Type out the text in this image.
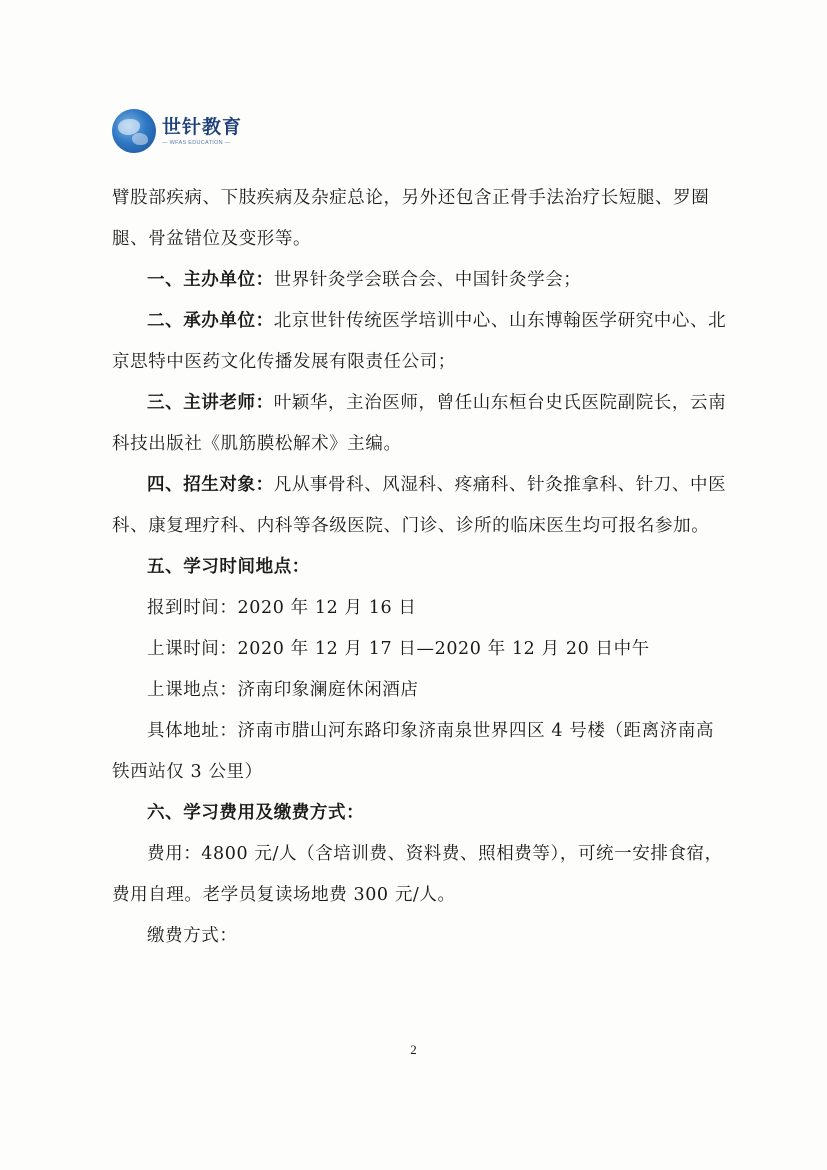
世针教育
— WFAS EDUCATION —

臂股部疾病、下肢疾病及杂症总论，另外还包含正骨手法治疗长短腿、罗圈腿、骨盆错位及变形等。

一、主办单位：世界针灸学会联合会、中国针灸学会；

二、承办单位：北京世针传统医学培训中心、山东博翰医学研究中心、北京思特中医药文化传播发展有限责任公司；

三、主讲老师：叶颖华，主治医师，曾任山东桓台史氏医院副院长，云南科技出版社《肌筋膜松解术》主编。

四、招生对象：凡从事骨科、风湿科、疼痛科、针灸推拿科、针刀、中医科、康复理疗科、内科等各级医院、门诊、诊所的临床医生均可报名参加。

五、学习时间地点：

报到时间：2020 年 12 月 16 日

上课时间：2020 年 12 月 17 日—2020 年 12 月 20 日中午

上课地点：济南印象澜庭休闲酒店

具体地址：济南市腊山河东路印象济南泉世界四区 4 号楼（距离济南高铁西站仅 3 公里）

六、学习费用及缴费方式：

费用：4800 元/人（含培训费、资料费、照相费等），可统一安排食宿，费用自理。老学员复读场地费 300 元/人。

缴费方式：

2
